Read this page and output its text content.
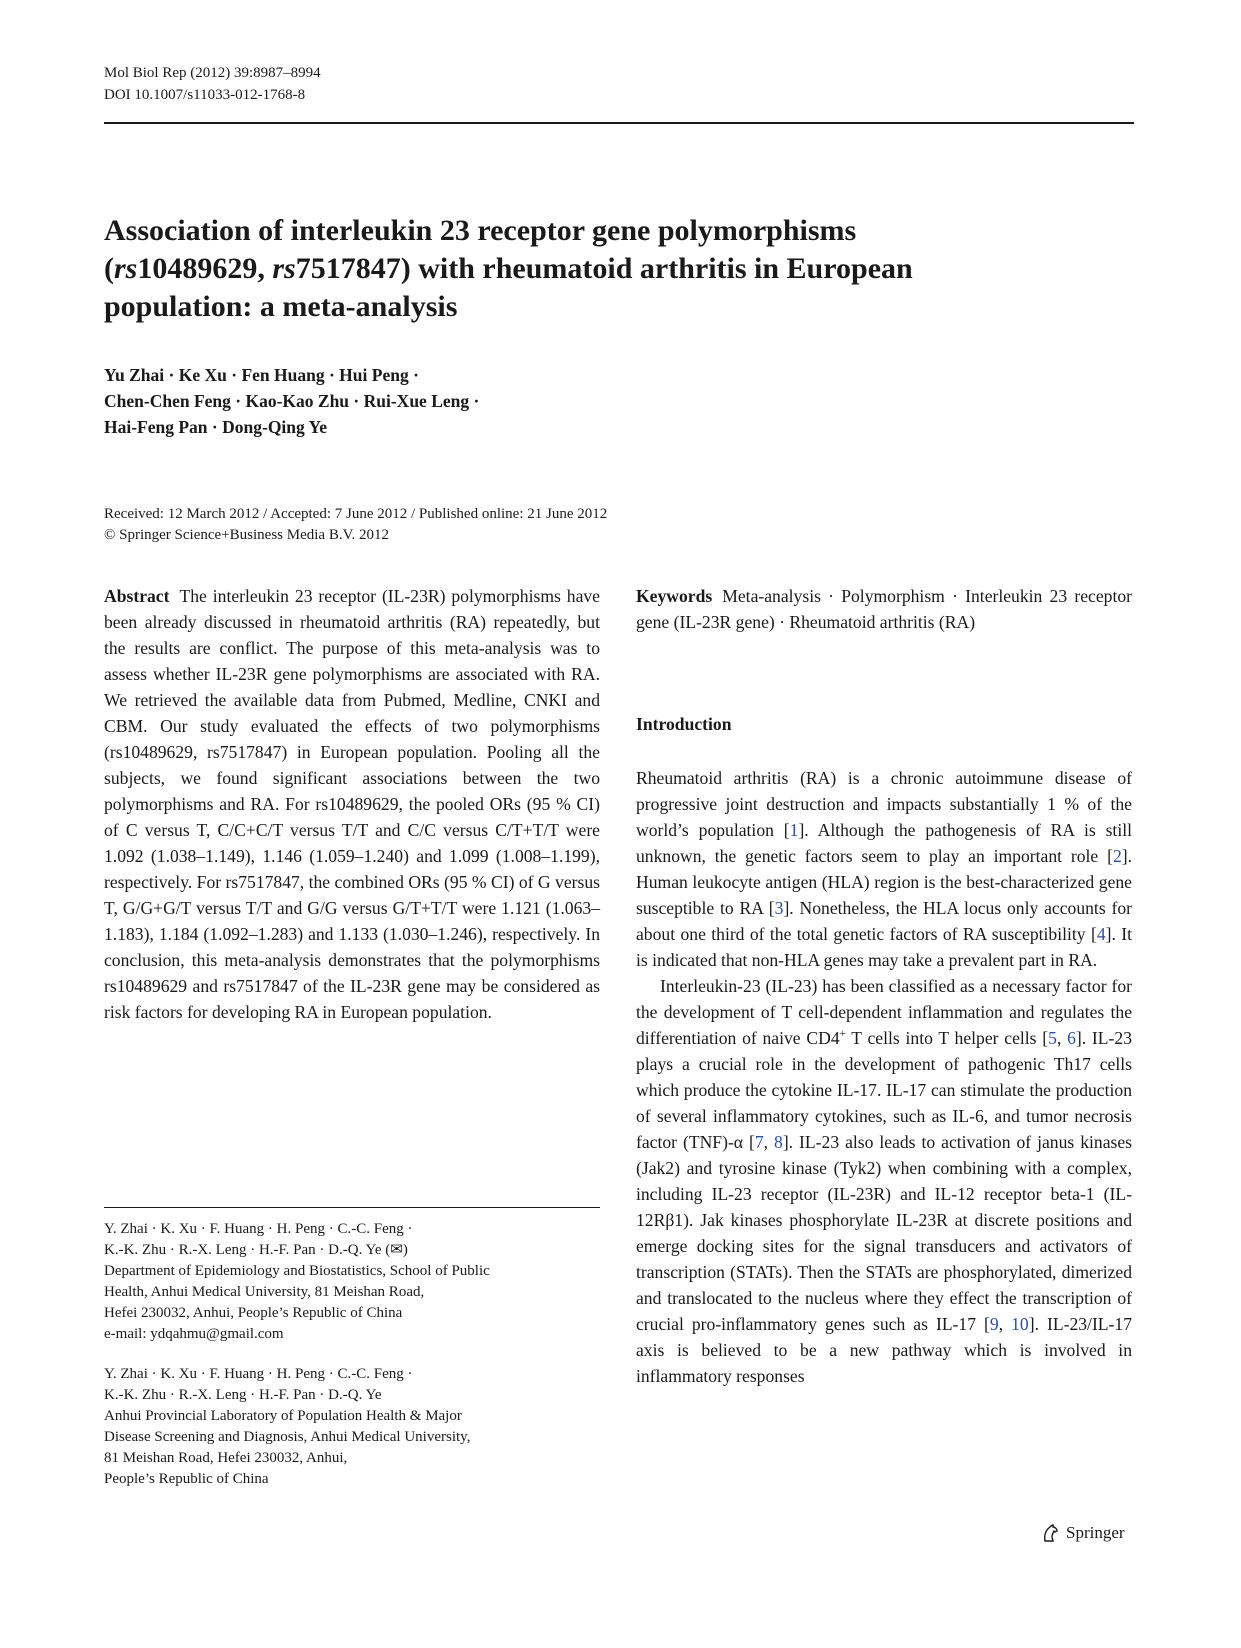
Mol Biol Rep (2012) 39:8987–8994
DOI 10.1007/s11033-012-1768-8
Association of interleukin 23 receptor gene polymorphisms
(rs10489629, rs7517847) with rheumatoid arthritis in European
population: a meta-analysis
Yu Zhai · Ke Xu · Fen Huang · Hui Peng ·
Chen-Chen Feng · Kao-Kao Zhu · Rui-Xue Leng ·
Hai-Feng Pan · Dong-Qing Ye
Received: 12 March 2012 / Accepted: 7 June 2012 / Published online: 21 June 2012
© Springer Science+Business Media B.V. 2012

Abstract The interleukin 23 receptor (IL-23R) polymorphisms have been already discussed in rheumatoid arthritis (RA) repeatedly, but the results are conflict. The purpose of this meta-analysis was to assess whether IL-23R gene polymorphisms are associated with RA. We retrieved the available data from Pubmed, Medline, CNKI and CBM. Our study evaluated the effects of two polymorphisms (rs10489629, rs7517847) in European population. Pooling all the subjects, we found significant associations between the two polymorphisms and RA. For rs10489629, the pooled ORs (95 % CI) of C versus T, C/C+C/T versus T/T and C/C versus C/T+T/T were 1.092 (1.038–1.149), 1.146 (1.059–1.240) and 1.099 (1.008–1.199), respectively. For rs7517847, the combined ORs (95 % CI) of G versus T, G/G+G/T versus T/T and G/G versus G/T+T/T were 1.121 (1.063–1.183), 1.184 (1.092–1.283) and 1.133 (1.030–1.246), respectively. In conclusion, this meta-analysis demonstrates that the polymorphisms rs10489629 and rs7517847 of the IL-23R gene may be considered as risk factors for developing RA in European population.

Keywords Meta-analysis · Polymorphism · Interleukin 23 receptor gene (IL-23R gene) · Rheumatoid arthritis (RA)

Introduction

Rheumatoid arthritis (RA) is a chronic autoimmune disease of progressive joint destruction and impacts substantially 1 % of the world’s population [1]. Although the pathogenesis of RA is still unknown, the genetic factors seem to play an important role [2]. Human leukocyte antigen (HLA) region is the best-characterized gene susceptible to RA [3]. Nonetheless, the HLA locus only accounts for about one third of the total genetic factors of RA susceptibility [4]. It is indicated that non-HLA genes may take a prevalent part in RA.

Interleukin-23 (IL-23) has been classified as a necessary factor for the development of T cell-dependent inflammation and regulates the differentiation of naive CD4+ T cells into T helper cells [5, 6]. IL-23 plays a crucial role in the development of pathogenic Th17 cells which produce the cytokine IL-17. IL-17 can stimulate the production of several inflammatory cytokines, such as IL-6, and tumor necrosis factor (TNF)-α [7, 8]. IL-23 also leads to activation of janus kinases (Jak2) and tyrosine kinase (Tyk2) when combining with a complex, including IL-23 receptor (IL-23R) and IL-12 receptor beta-1 (IL-12Rβ1). Jak kinases phosphorylate IL-23R at discrete positions and emerge docking sites for the signal transducers and activators of transcription (STATs). Then the STATs are phosphorylated, dimerized and translocated to the nucleus where they effect the transcription of crucial pro-inflammatory genes such as IL-17 [9, 10]. IL-23/IL-17 axis is believed to be a new pathway which is involved in inflammatory responses

Y. Zhai · K. Xu · F. Huang · H. Peng · C.-C. Feng ·
K.-K. Zhu · R.-X. Leng · H.-F. Pan · D.-Q. Ye (✉)
Department of Epidemiology and Biostatistics, School of Public
Health, Anhui Medical University, 81 Meishan Road,
Hefei 230032, Anhui, People’s Republic of China
e-mail: ydqahmu@gmail.com
Y. Zhai · K. Xu · F. Huang · H. Peng · C.-C. Feng ·
K.-K. Zhu · R.-X. Leng · H.-F. Pan · D.-Q. Ye
Anhui Provincial Laboratory of Population Health & Major
Disease Screening and Diagnosis, Anhui Medical University,
81 Meishan Road, Hefei 230032, Anhui,
People’s Republic of China
Springer
